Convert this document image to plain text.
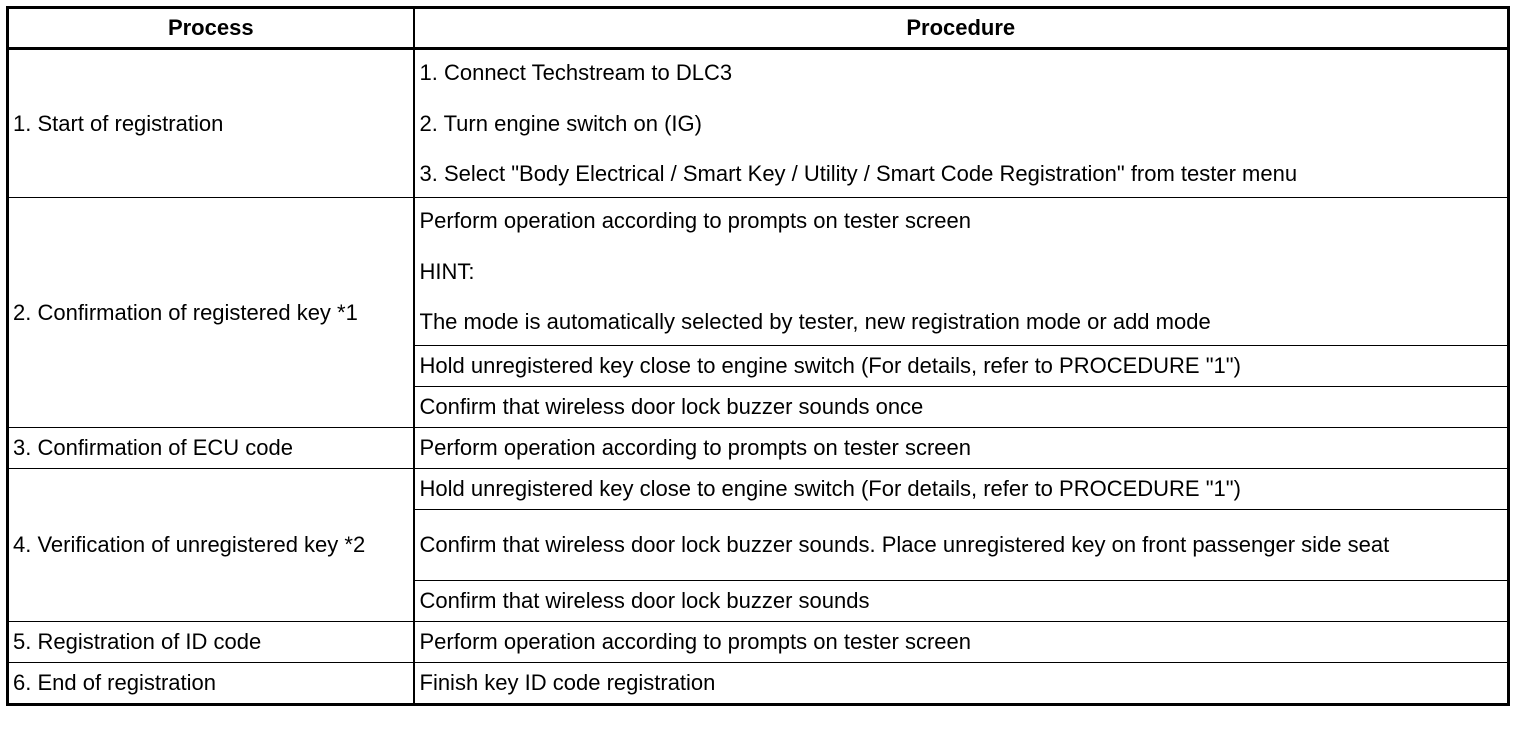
Process	Procedure
1. Start of registration	1. Connect Techstream to DLC3
2. Turn engine switch on (IG)
3. Select "Body Electrical / Smart Key / Utility / Smart Code Registration" from tester menu

2. Confirmation of registered key *1	Perform operation according to prompts on tester screen
HINT:
The mode is automatically selected by tester, new registration mode or add mode

Hold unregistered key close to engine switch (For details, refer to PROCEDURE "1")

Confirm that wireless door lock buzzer sounds once

3. Confirmation of ECU code	Perform operation according to prompts on tester screen

4. Verification of unregistered key *2	Hold unregistered key close to engine switch (For details, refer to PROCEDURE "1")

Confirm that wireless door lock buzzer sounds. Place unregistered key on front passenger side seat

Confirm that wireless door lock buzzer sounds

5. Registration of ID code	Perform operation according to prompts on tester screen

6. End of registration	Finish key ID code registration
